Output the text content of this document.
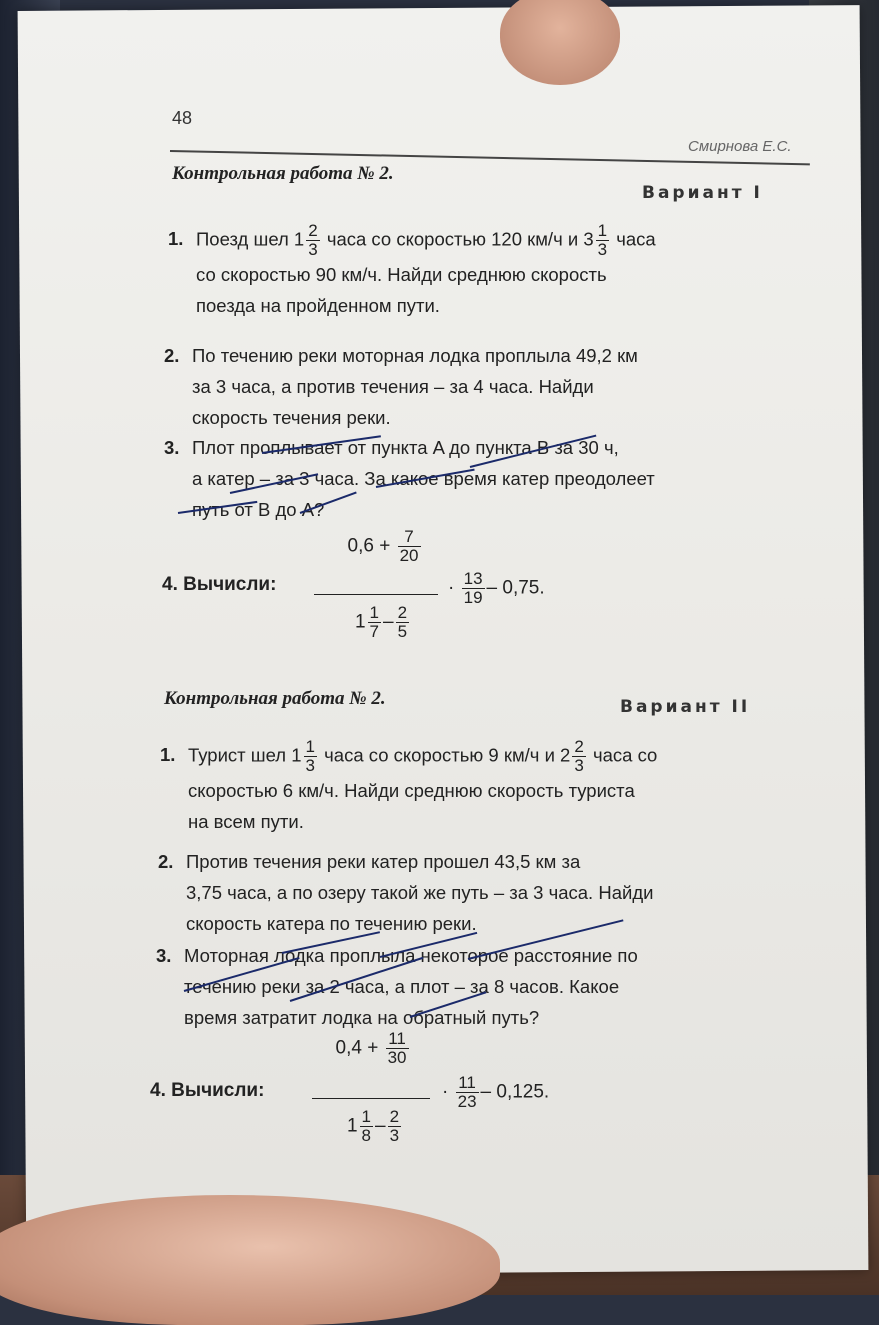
48
Смирнова Е.С.
Контрольная работа № 2.
Вариант I
1. Поезд шел $1 \frac{2}{3}$ часа со скоростью 120 км/ч и $3 \frac{1}{3}$ часа
со скоростью 90 км/ч. Найди среднюю скорость
поезда на пройденном пути.
2. По течению реки моторная лодка проплыла 49,2 км
за 3 часа, а против течения – за 4 часа. Найди
скорость течения реки.
3. Плот проплывает от пункта A до пункта B за 30 ч,
а катер – за 3 часа. За какое время катер преодолеет
путь от B до A?
4. Вычисли:
$0,6 + \frac{7}{20}$
$1 \frac{1}{7} - \frac{2}{5}$
· $\frac{13}{19} - 0,75$.
Контрольная работа № 2.	Вариант II
1. Турист шел $1 \frac{1}{3}$ часа со скоростью 9 км/ч и $2 \frac{2}{3}$ часа со
скоростью 6 км/ч. Найди среднюю скорость туриста
на всем пути.
2. Против течения реки катер прошел 43,5 км за
3,75 часа, а по озеру такой же путь – за 3 часа. Найди
скорость катера по течению реки.
3. Моторная лодка проплыла некоторое расстояние по
течению реки за 2 часа, а плот – за 8 часов. Какое
время затратит лодка на обратный путь?
4. Вычисли:
$0,4 + \frac{11}{30}$
$1 \frac{1}{8} - \frac{2}{3}$
· $\frac{11}{23} - 0,125$.
